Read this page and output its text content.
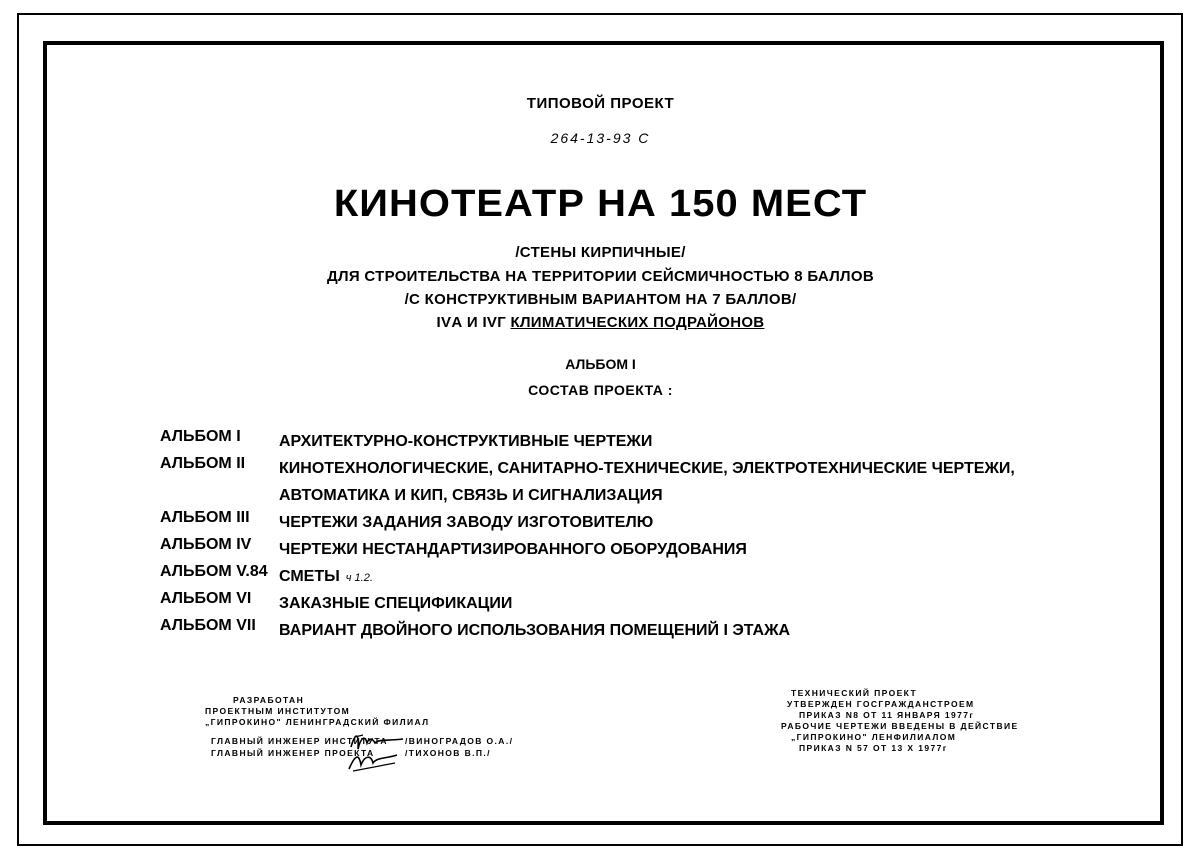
ТИПОВОЙ ПРОЕКТ
264-13-93 С
КИНОТЕАТР НА 150 МЕСТ
/СТЕНЫ КИРПИЧНЫЕ/
ДЛЯ СТРОИТЕЛЬСТВА НА ТЕРРИТОРИИ СЕЙСМИЧНОСТЬЮ 8 БАЛЛОВ
/С КОНСТРУКТИВНЫМ ВАРИАНТОМ НА 7 БАЛЛОВ/
IVА И IVГ КЛИМАТИЧЕСКИХ ПОДРАЙОНОВ
АЛЬБОМ I
СОСТАВ ПРОЕКТА :
АЛЬБОМ I АРХИТЕКТУРНО-КОНСТРУКТИВНЫЕ ЧЕРТЕЖИ
АЛЬБОМ II КИНОТЕХНОЛОГИЧЕСКИЕ, САНИТАРНО-ТЕХНИЧЕСКИЕ, ЭЛЕКТРОТЕХНИЧЕСКИЕ ЧЕРТЕЖИ,
АВТОМАТИКА И КИП, СВЯЗЬ И СИГНАЛИЗАЦИЯ
АЛЬБОМ III ЧЕРТЕЖИ ЗАДАНИЯ ЗАВОДУ ИЗГОТОВИТЕЛЮ
АЛЬБОМ IV ЧЕРТЕЖИ НЕСТАНДАРТИЗИРОВАННОГО ОБОРУДОВАНИЯ
АЛЬБОМ V.84 СМЕТЫ ч 1.2.
АЛЬБОМ VI ЗАКАЗНЫЕ СПЕЦИФИКАЦИИ
АЛЬБОМ VII ВАРИАНТ ДВОЙНОГО ИСПОЛЬЗОВАНИЯ ПОМЕЩЕНИЙ I ЭТАЖА
РАЗРАБОТАН
ПРОЕКТНЫМ ИНСТИТУТОМ
„ГИПРОКИНО" ЛЕНИНГРАДСКИЙ ФИЛИАЛ
ГЛАВНЫЙ ИНЖЕНЕР ИНСТИТУТА /ВИНОГРАДОВ О.А./
ГЛАВНЫЙ ИНЖЕНЕР ПРОЕКТА	/ТИХОНОВ В.П./
ТЕХНИЧЕСКИЙ ПРОЕКТ
УТВЕРЖДЕН ГОСГРАЖДАНСТРОЕМ
ПРИКАЗ N8 ОТ 11 ЯНВАРЯ 1977г
РАБОЧИЕ ЧЕРТЕЖИ ВВЕДЕНЫ В ДЕЙСТВИЕ
„ГИПРОКИНО" ЛЕНФИЛИАЛОМ
ПРИКАЗ N 57 ОТ 13 X 1977г
